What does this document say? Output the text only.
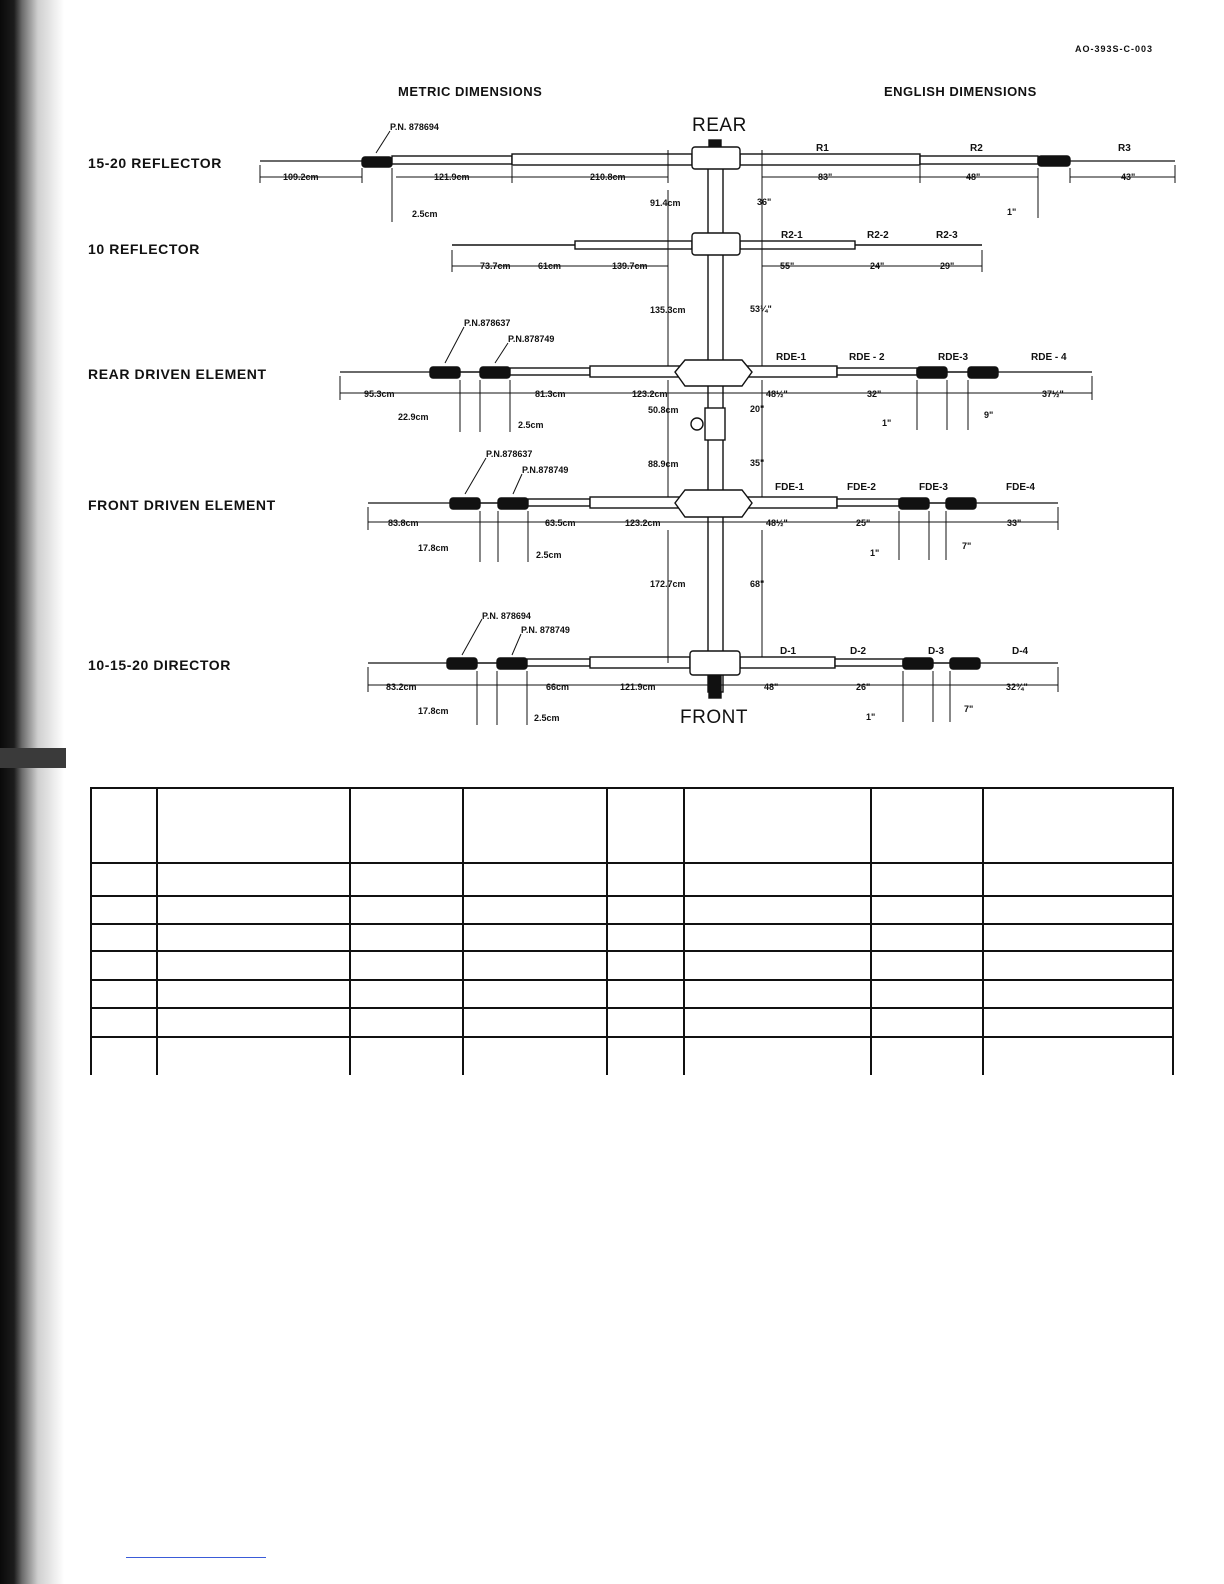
AO-393S-C-003
METRIC DIMENSIONS	ENGLISH DIMENSIONS
REAR
FRONT
15-20 REFLECTOR
10 REFLECTOR
REAR DRIVEN ELEMENT
FRONT DRIVEN ELEMENT
10-15-20 DIRECTOR
P.N. 878694
P.N.878637
P.N.878749
P.N.878637
P.N.878749
P.N. 878694
P.N. 878749
R1	R2	R3
R2-1	R2-2	R2-3
RDE-1	RDE - 2	RDE-3	RDE - 4
FDE-1	FDE-2	FDE-3	FDE-4
D-1	D-2	D-3	D-4
109.2cm	121.9cm	210.8cm
2.5cm
83"	48"	43"
1"
73.7cm	61cm	139.7cm	55"	24"	29"
95.3cm	81.3cm	123.2cm
22.9cm
2.5cm
48½"	32"	37½"
1"
9"
83.8cm	63.5cm	123.2cm
17.8cm
2.5cm
48½"	25"	33"
1"
7"
83.2cm	66cm	121.9cm
17.8cm
2.5cm
48"	26"	32¾"
1"
7"
91.4cm
135.3cm
50.8cm
88.9cm
172.7cm
36"
53¼"
20"
35"
68"
